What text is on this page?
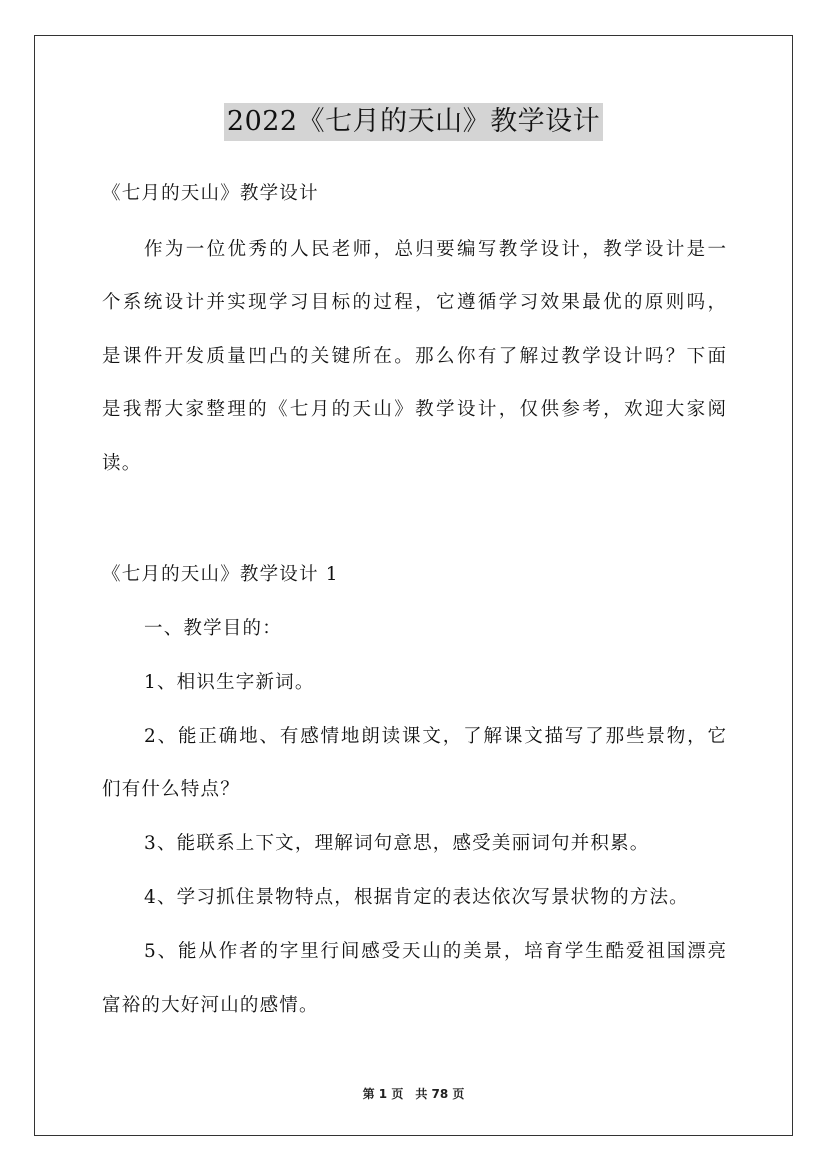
2022《七月的天山》教学设计
《七月的天山》教学设计
作为一位优秀的人民老师，总归要编写教学设计，教学设计是一
个系统设计并实现学习目标的过程，它遵循学习效果最优的原则吗，
是课件开发质量凹凸的关键所在。那么你有了解过教学设计吗？下面
是我帮大家整理的《七月的天山》教学设计，仅供参考，欢迎大家阅
读。
《七月的天山》教学设计 1
一、教学目的：
1、相识生字新词。
2、能正确地、有感情地朗读课文，了解课文描写了那些景物，它
们有什么特点？
3、能联系上下文，理解词句意思，感受美丽词句并积累。
4、学习抓住景物特点，根据肯定的表达依次写景状物的方法。
5、能从作者的字里行间感受天山的美景，培育学生酷爱祖国漂亮
富裕的大好河山的感情。
第 1 页　共 78 页
